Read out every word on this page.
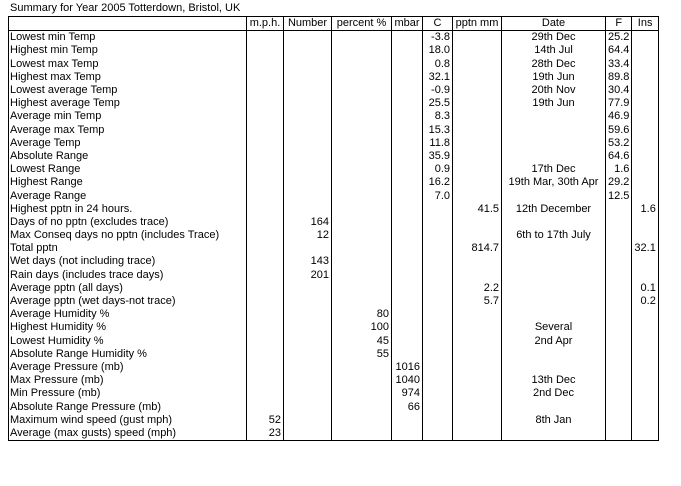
Summary for Year 2005 Totterdown, Bristol, UK
	m.p.h.	Number	percent %	mbar	C	pptn mm	Date	F	Ins
Lowest min Temp					-3.8		29th Dec	25.2	
Highest min Temp					18.0		14th Jul	64.4	
Lowest max Temp					0.8		28th Dec	33.4	
Highest max Temp					32.1		19th Jun	89.8	
Lowest average Temp					-0.9		20th Nov	30.4	
Highest average Temp					25.5		19th Jun	77.9	
Average min Temp					8.3			46.9	
Average max Temp					15.3			59.6	
Average Temp					11.8			53.2	
Absolute Range					35.9			64.6	
Lowest Range					0.9		17th Dec	1.6	
Highest Range					16.2		19th Mar, 30th Apr	29.2	
Average Range					7.0			12.5	
Highest pptn in 24 hours.						41.5	12th December		1.6
Days of no pptn (excludes trace)		164							
Max Conseq days no pptn (includes Trace)		12					6th to 17th July		
Total pptn						814.7			32.1
Wet days (not including trace)		143							
Rain days (includes trace days)		201							
Average pptn (all days)						2.2			0.1
Average pptn (wet days-not trace)						5.7			0.2
Average Humidity %			80						
Highest Humidity %			100				Several		
Lowest Humidity %			45				2nd Apr		
Absolute Range Humidity %			55						
Average Pressure (mb)				1016					
Max Pressure (mb)				1040			13th Dec		
Min Pressure (mb)				974			2nd Dec		
Absolute Range Pressure (mb)				66					
Maximum wind speed (gust mph)	52						8th Jan		
Average (max gusts) speed (mph)	23								
